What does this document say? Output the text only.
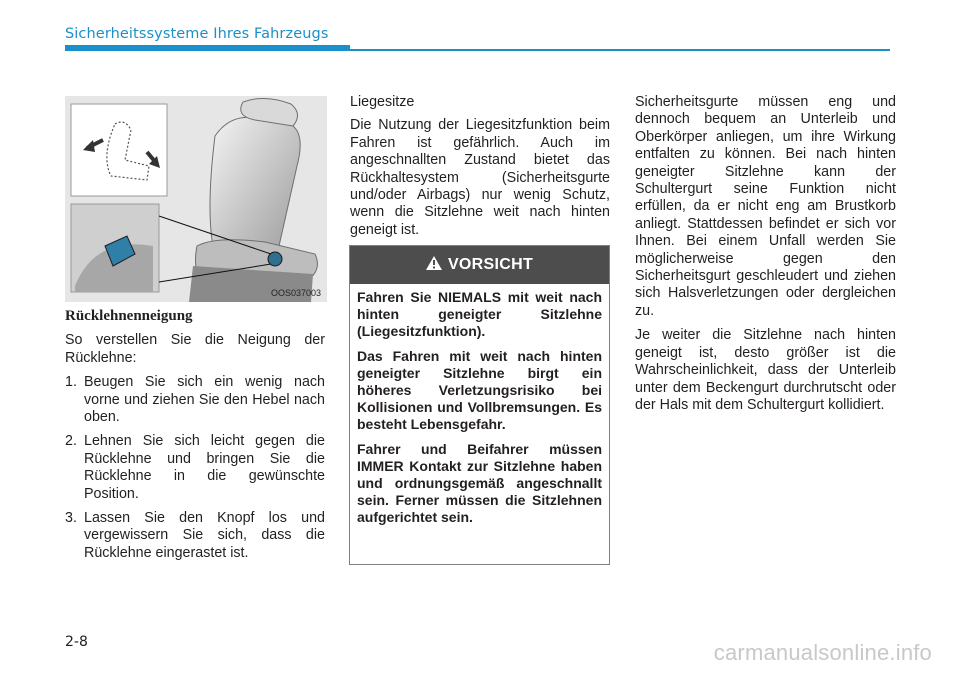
Sicherheitssysteme Ihres Fahrzeugs
OOS037003
Rücklehnenneigung

So verstellen Sie die Neigung der Rücklehne:

1. Beugen Sie sich ein wenig nach vorne und ziehen Sie den Hebel nach oben.
2. Lehnen Sie sich leicht gegen die Rücklehne und bringen Sie die Rücklehne in die gewünschte Position.
3. Lassen Sie den Knopf los und vergewissern Sie sich, dass die Rücklehne eingerastet ist.

Liegesitze

Die Nutzung der Liegesitzfunktion beim Fahren ist gefährlich. Auch im angeschnallten Zustand bietet das Rückhaltesystem (Sicherheitsgurte und/oder Airbags) nur wenig Schutz, wenn die Sitzlehne weit nach hinten geneigt ist.

VORSICHT

Fahren Sie NIEMALS mit weit nach hinten geneigter Sitzlehne (Liegesitzfunktion).

Das Fahren mit weit nach hinten geneigter Sitzlehne birgt ein höheres Verletzungsrisiko bei Kollisionen und Vollbremsungen. Es besteht Lebensgefahr.

Fahrer und Beifahrer müssen IMMER Kontakt zur Sitzlehne haben und ordnungsgemäß angeschnallt sein. Ferner müssen die Sitzlehnen aufgerichtet sein.

Sicherheitsgurte müssen eng und dennoch bequem an Unterleib und Oberkörper anliegen, um ihre Wirkung entfalten zu können. Bei nach hinten geneigter Sitzlehne kann der Schultergurt seine Funktion nicht erfüllen, da er nicht eng am Brustkorb anliegt. Stattdessen befindet er sich vor Ihnen. Bei einem Unfall werden Sie möglicherweise gegen den Sicherheitsgurt geschleudert und ziehen sich Halsverletzungen oder dergleichen zu.

Je weiter die Sitzlehne nach hinten geneigt ist, desto größer ist die Wahrscheinlichkeit, dass der Unterleib unter dem Beckengurt durchrutscht oder der Hals mit dem Schultergurt kollidiert.

2-8	carmanualsonline.info
